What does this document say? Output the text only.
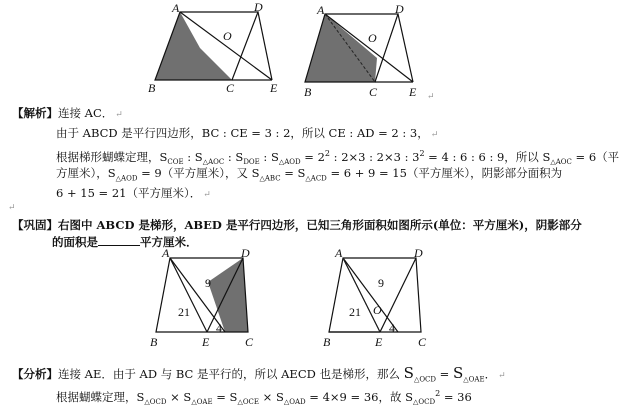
A	D
O
B	C	E
A	D
O
B	C	E ↵
【解析】连接 AC． ↵
由于 ABCD 是平行四边形，BC : CE = 3 : 2，所以 CE : AD = 2 : 3， ↵
根据梯形蝴蝶定理，$S_{COE}$ : $S_{\triangle AOC}$ : $S_{DOE}$ : $S_{\triangle AOD} = 2^2$ : 2×3 : 2×3 : $3^2 = 4$ : 6 : 6 : 9，所以 $S_{\triangle AOC} = 6$（平
方厘米），$S_{\triangle AOD} = 9$（平方厘米），又 $S_{\triangle ABC} = S_{\triangle ACD} = 6 + 9 = 15$（平方厘米），阴影部分面积为
6 + 15 = 21（平方厘米）． ↵
↵
【巩固】右图中 ABCD 是梯形，ABED 是平行四边形，已知三角形面积如图所示(单位：平方厘米)，阴影部分
的面积是	平方厘米．
A	D
9
21
4
B	E	C
A	D
9
21 O
4
B	E	C
【分析】连接 AE．由于 AD 与 BC 是平行的，所以 AECD 也是梯形，那么 $S_{\triangle OCD} = S_{\triangle OAE}$． ↵
根据蝴蝶定理，$S_{\triangle OCD} \times S_{\triangle OAE} = S_{\triangle OCE} \times S_{\triangle OAD} = 4\times 9 = 36$，故 $S_{\triangle OCD}^2 = 36$
